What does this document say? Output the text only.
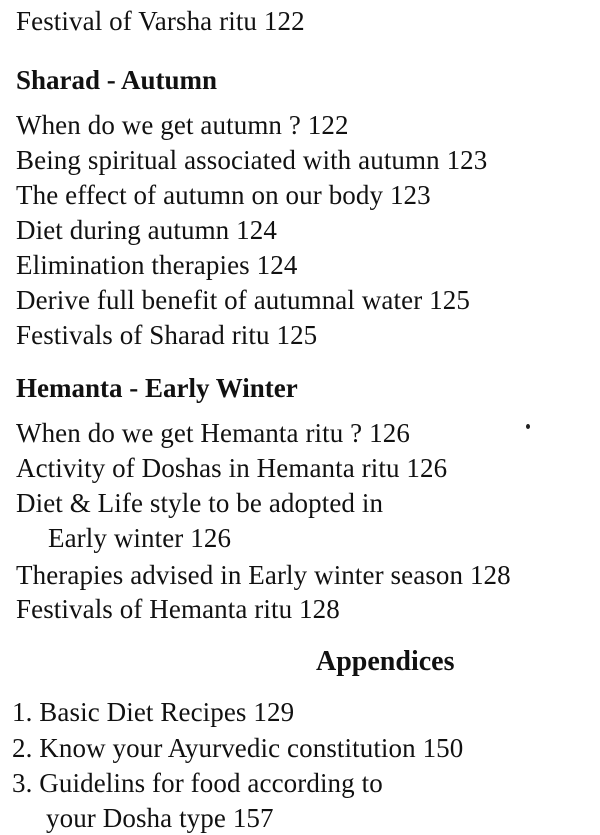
Festival of Varsha ritu 122
Sharad - Autumn
When do we get autumn ? 122
Being spiritual associated with autumn 123
The effect of autumn on our body 123
Diet during autumn 124
Elimination therapies 124
Derive full benefit of autumnal water 125
Festivals of Sharad ritu 125
Hemanta - Early Winter
When do we get Hemanta ritu ? 126
Activity of Doshas in Hemanta ritu 126
Diet & Life style to be adopted in
Early winter 126
Therapies advised in Early winter season 128
Festivals of Hemanta ritu 128
Appendices
1. Basic Diet Recipes 129
2. Know your Ayurvedic constitution 150
3. Guidelins for food according to
your Dosha type 157
